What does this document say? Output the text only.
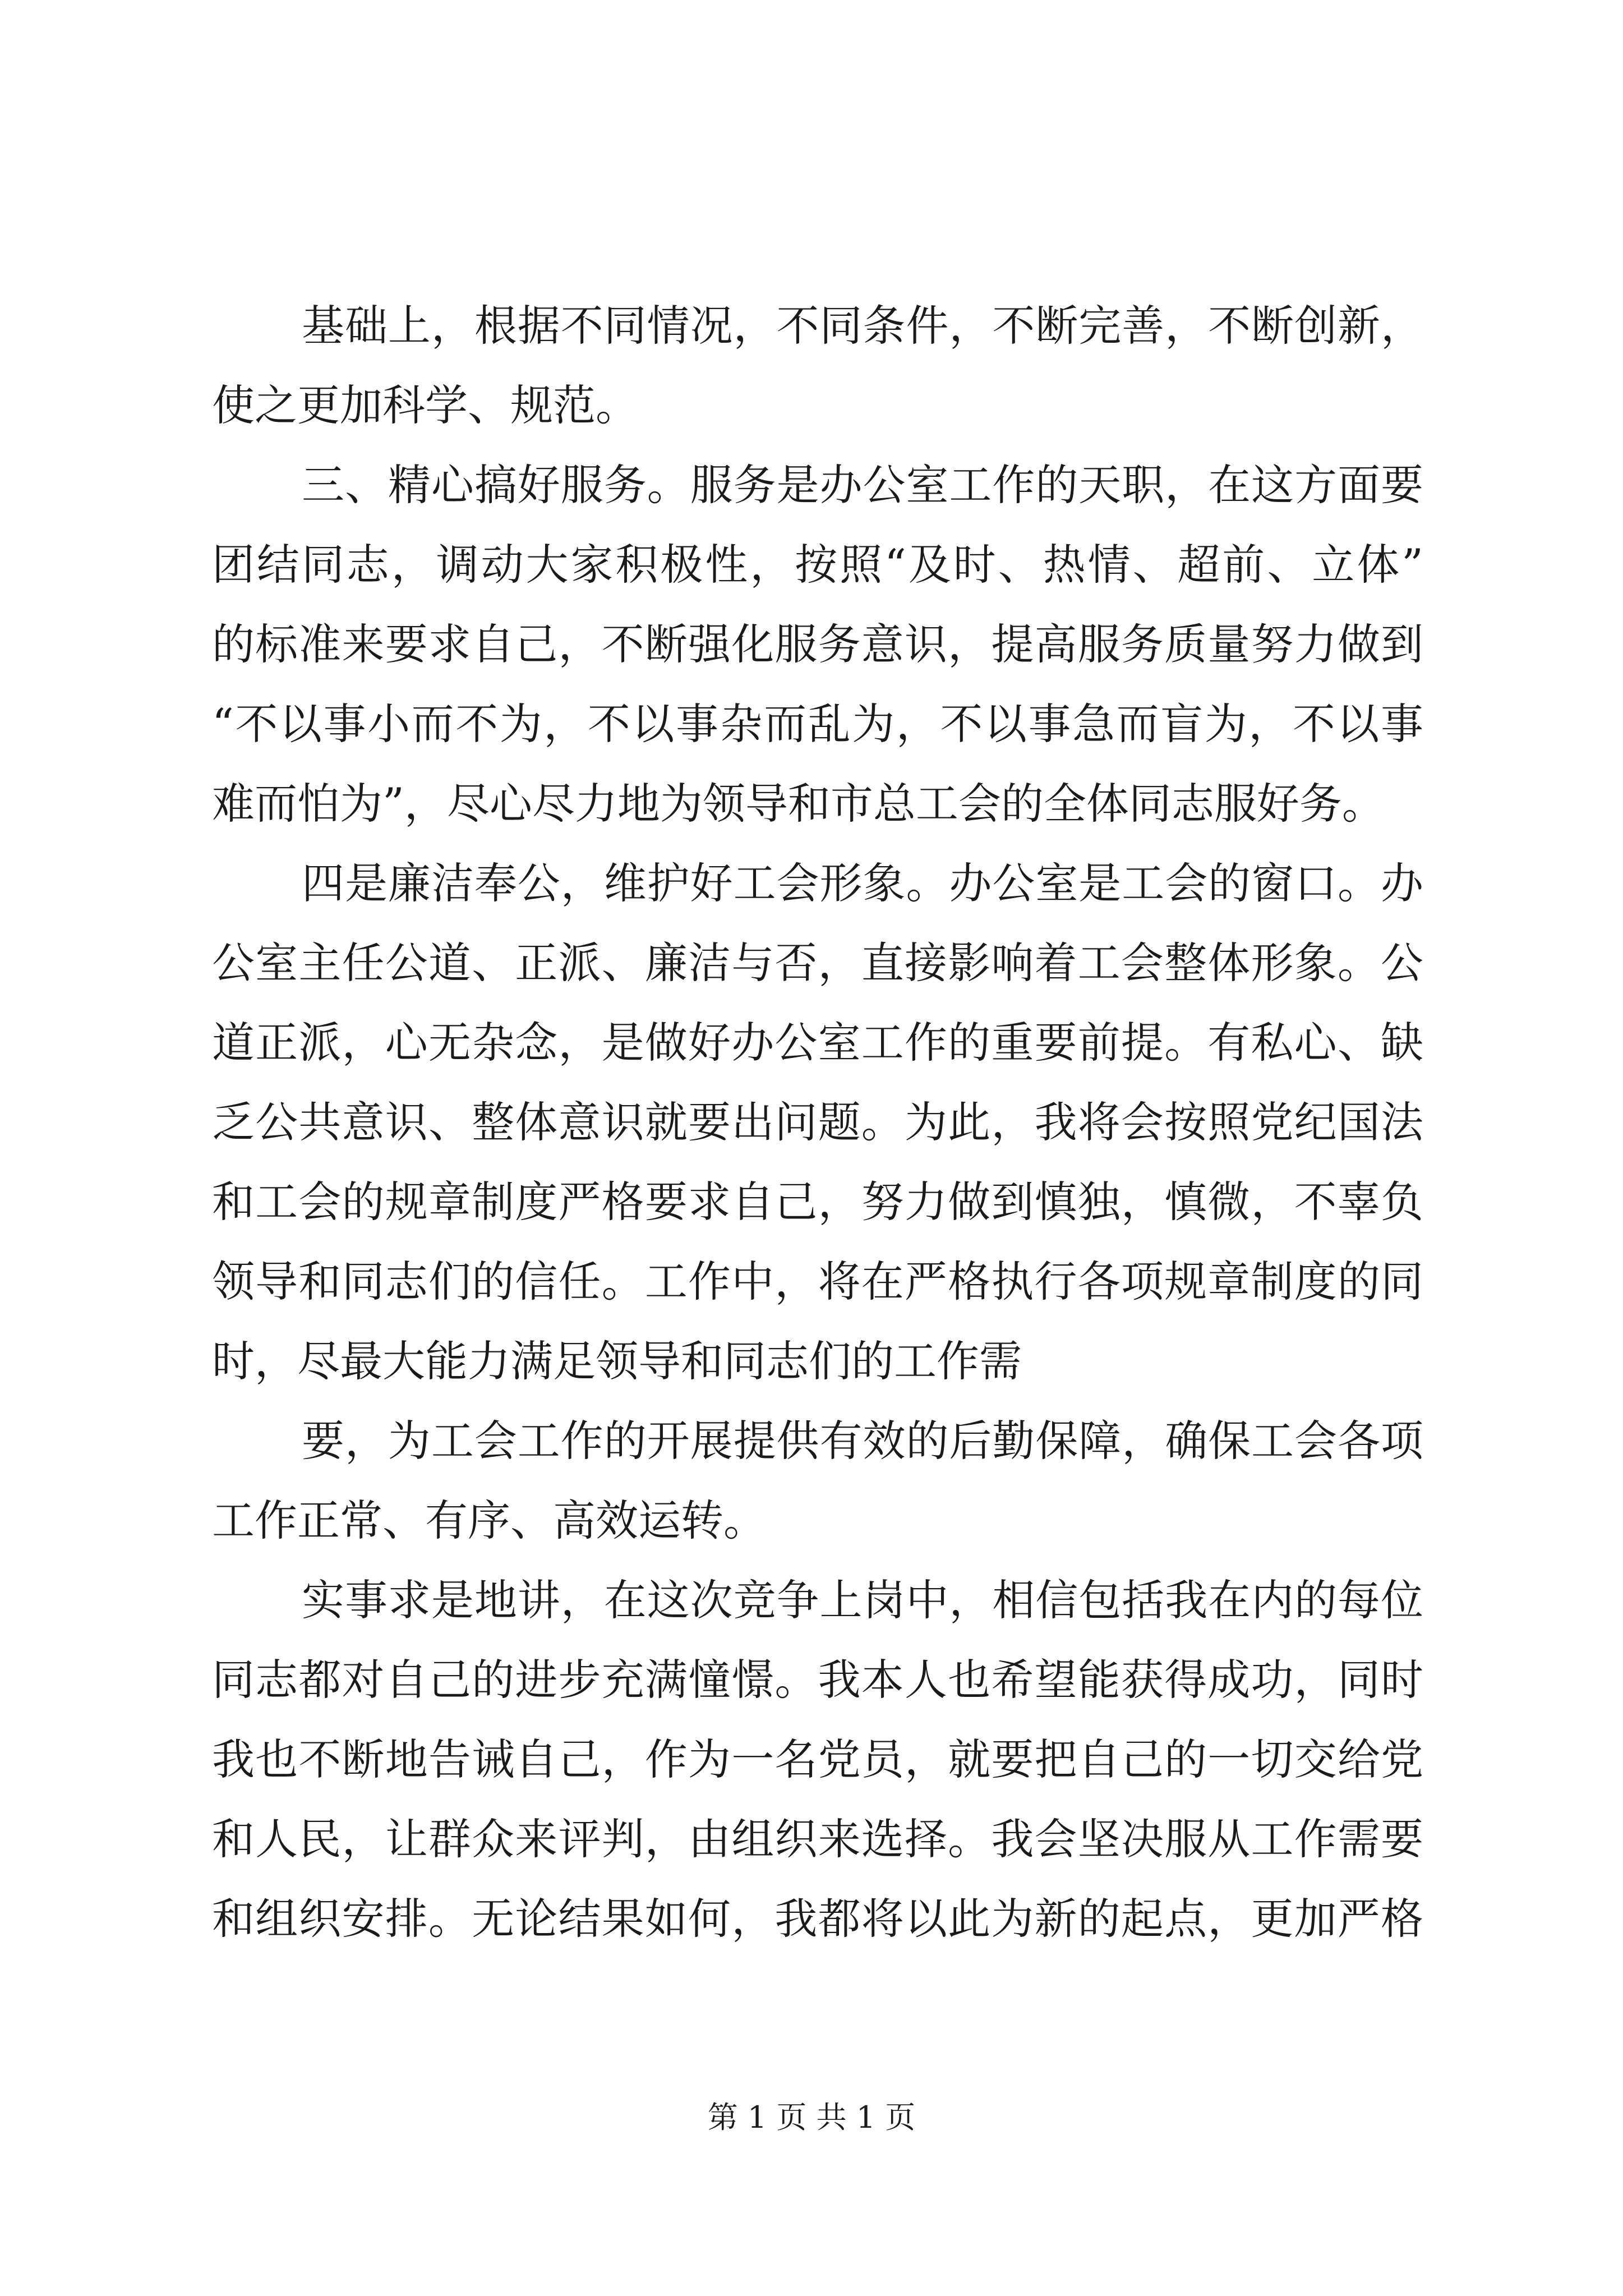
基础上，根据不同情况，不同条件，不断完善，不断创新，
使之更加科学、规范。
三、精心搞好服务。服务是办公室工作的天职，在这方面要
团结同志，调动大家积极性，按照“及时、热情、超前、立体”
的标准来要求自己，不断强化服务意识，提高服务质量努力做到
“不以事小而不为，不以事杂而乱为，不以事急而盲为，不以事
难而怕为”，尽心尽力地为领导和市总工会的全体同志服好务。
四是廉洁奉公，维护好工会形象。办公室是工会的窗口。办
公室主任公道、正派、廉洁与否，直接影响着工会整体形象。公
道正派，心无杂念，是做好办公室工作的重要前提。有私心、缺
乏公共意识、整体意识就要出问题。为此，我将会按照党纪国法
和工会的规章制度严格要求自己，努力做到慎独，慎微，不辜负
领导和同志们的信任。工作中，将在严格执行各项规章制度的同
时，尽最大能力满足领导和同志们的工作需
要，为工会工作的开展提供有效的后勤保障，确保工会各项
工作正常、有序、高效运转。
实事求是地讲，在这次竞争上岗中，相信包括我在内的每位
同志都对自己的进步充满憧憬。我本人也希望能获得成功，同时
我也不断地告诫自己，作为一名党员，就要把自己的一切交给党
和人民，让群众来评判，由组织来选择。我会坚决服从工作需要
和组织安排。无论结果如何，我都将以此为新的起点，更加严格
第 1 页 共 1 页
